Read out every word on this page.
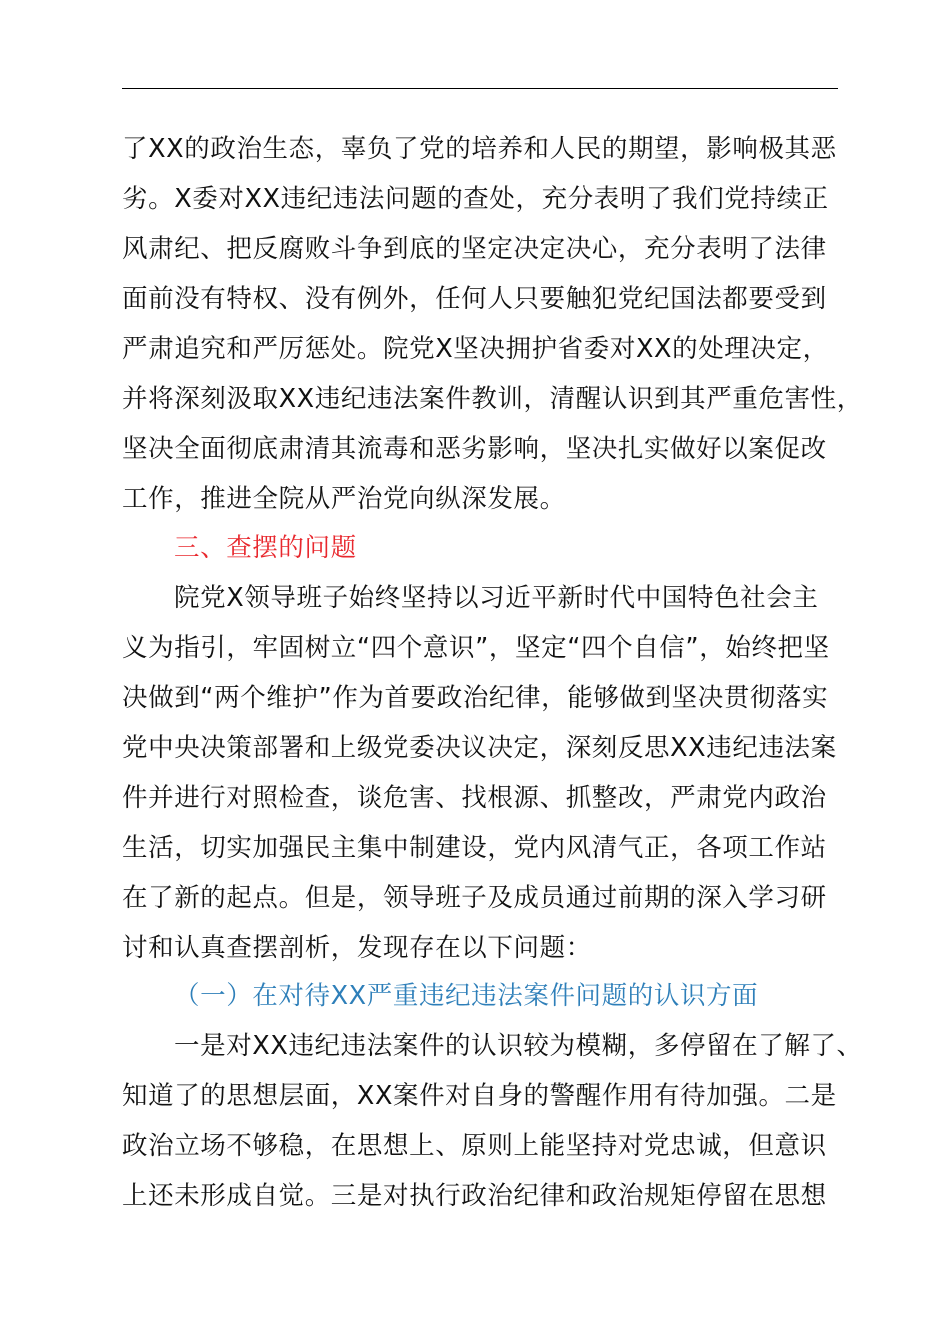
了XX的政治生态，辜负了党的培养和人民的期望，影响极其恶
劣。X委对XX违纪违法问题的查处，充分表明了我们党持续正
风肃纪、把反腐败斗争到底的坚定决定决心，充分表明了法律
面前没有特权、没有例外，任何人只要触犯党纪国法都要受到
严肃追究和严厉惩处。院党X坚决拥护省委对XX的处理决定，
并将深刻汲取XX违纪违法案件教训，清醒认识到其严重危害性，
坚决全面彻底肃清其流毒和恶劣影响，坚决扎实做好以案促改
工作，推进全院从严治党向纵深发展。
三、查摆的问题
院党X领导班子始终坚持以习近平新时代中国特色社会主
义为指引，牢固树立“四个意识”，坚定“四个自信”，始终把坚
决做到“两个维护”作为首要政治纪律，能够做到坚决贯彻落实
党中央决策部署和上级党委决议决定，深刻反思XX违纪违法案
件并进行对照检查，谈危害、找根源、抓整改，严肃党内政治
生活，切实加强民主集中制建设，党内风清气正，各项工作站
在了新的起点。但是，领导班子及成员通过前期的深入学习研
讨和认真查摆剖析，发现存在以下问题：
（一）在对待XX严重违纪违法案件问题的认识方面
一是对XX违纪违法案件的认识较为模糊，多停留在了解了、
知道了的思想层面，XX案件对自身的警醒作用有待加强。二是
政治立场不够稳，在思想上、原则上能坚持对党忠诚，但意识
上还未形成自觉。三是对执行政治纪律和政治规矩停留在思想
